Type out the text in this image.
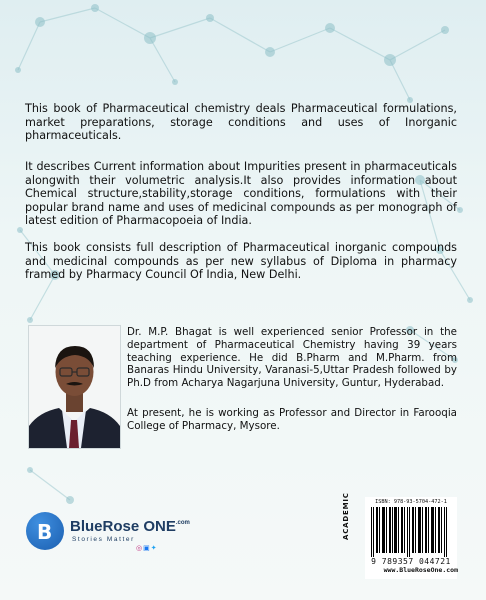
This book of Pharmaceutical chemistry deals Pharmaceutical formulations, market preparations, storage conditions and uses of Inorganic pharmaceuticals.

It describes Current information about Impurities present in pharmaceuticals alongwith their volumetric analysis.It also provides information about Chemical structure,stability,storage conditions, formulations with their popular brand name and uses of medicinal compounds as per monograph of latest edition of Pharmacopoeia of India.

This book consists full description of Pharmaceutical inorganic compounds and medicinal compounds as per new syllabus of Diploma in pharmacy framed by Pharmacy Council Of India, New Delhi.

Dr. M.P. Bhagat is well experienced senior Professor in the department of Pharmaceutical Chemistry having 39 years teaching experience. He did B.Pharm and M.Pharm. from Banaras Hindu University, Varanasi-5,Uttar Pradesh followed by Ph.D from Acharya Nagarjuna University, Guntur, Hyderabad.

At present, he is working as Professor and Director in Farooqia College of Pharmacy, Mysore.

B BlueRose $ONE^{.com}$
Stories Matter
◎▣✦
ACADEMIC	ISBN: 978-93-5704-472-1
9 789357 044721
www.BlueRoseOne.com
